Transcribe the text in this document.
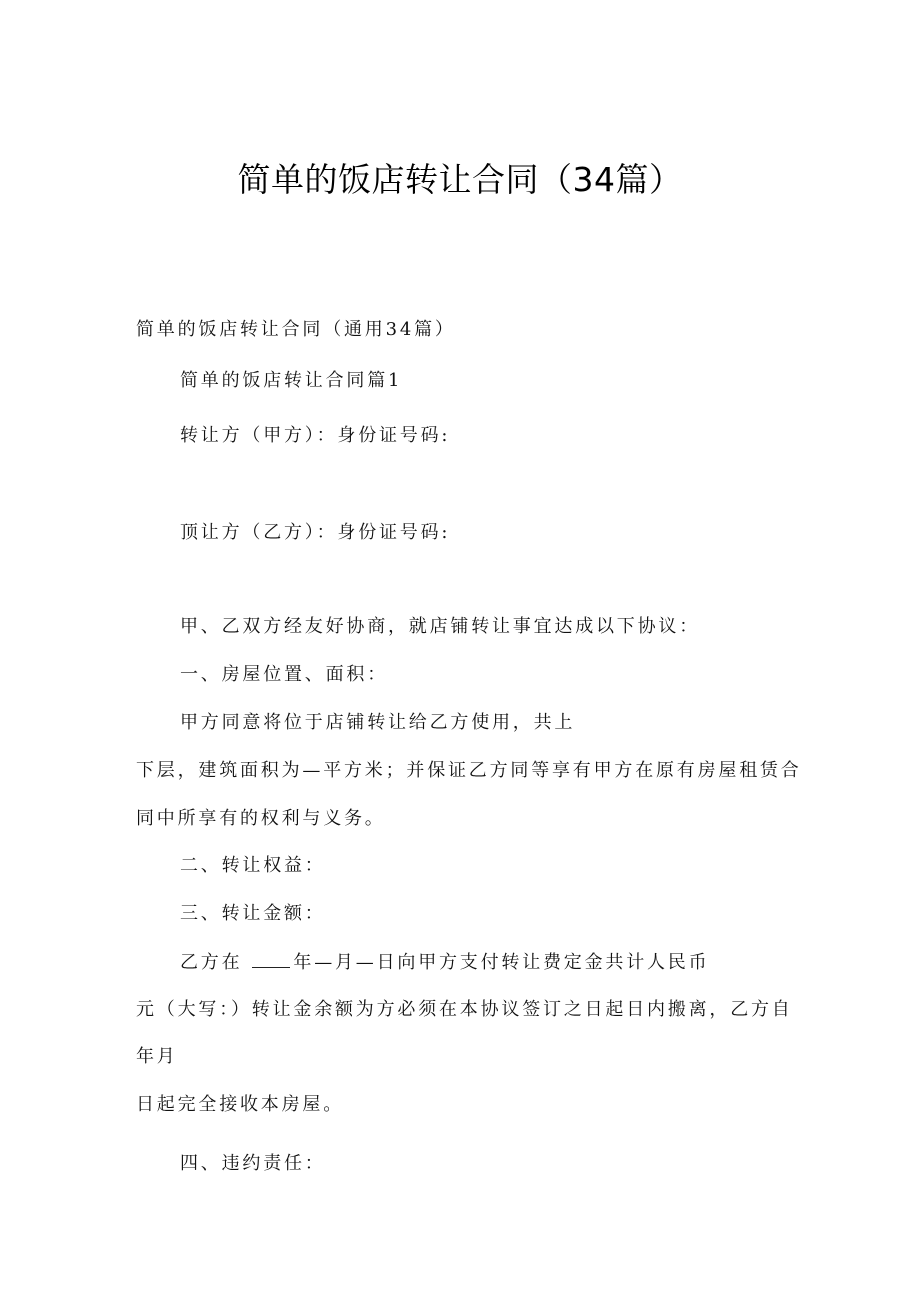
简单的饭店转让合同（34篇）
简单的饭店转让合同（通用34篇）
简单的饭店转让合同篇1
转让方（甲方）：身份证号码:
顶让方（乙方）：身份证号码:
甲、乙双方经友好协商，就店铺转让事宜达成以下协议：
一、房屋位置、面积：
甲方同意将位于店铺转让给乙方使用，共上
下层，建筑面积为—平方米；并保证乙方同等享有甲方在原有房屋租赁合
同中所享有的权利与义务。
二、转让权益：
三、转让金额：
乙方在	年—月—日向甲方支付转让费定金共计人民币
元（大写：）转让金余额为方必须在本协议签订之日起日内搬离，乙方自
年月
日起完全接收本房屋。
四、违约责任：
